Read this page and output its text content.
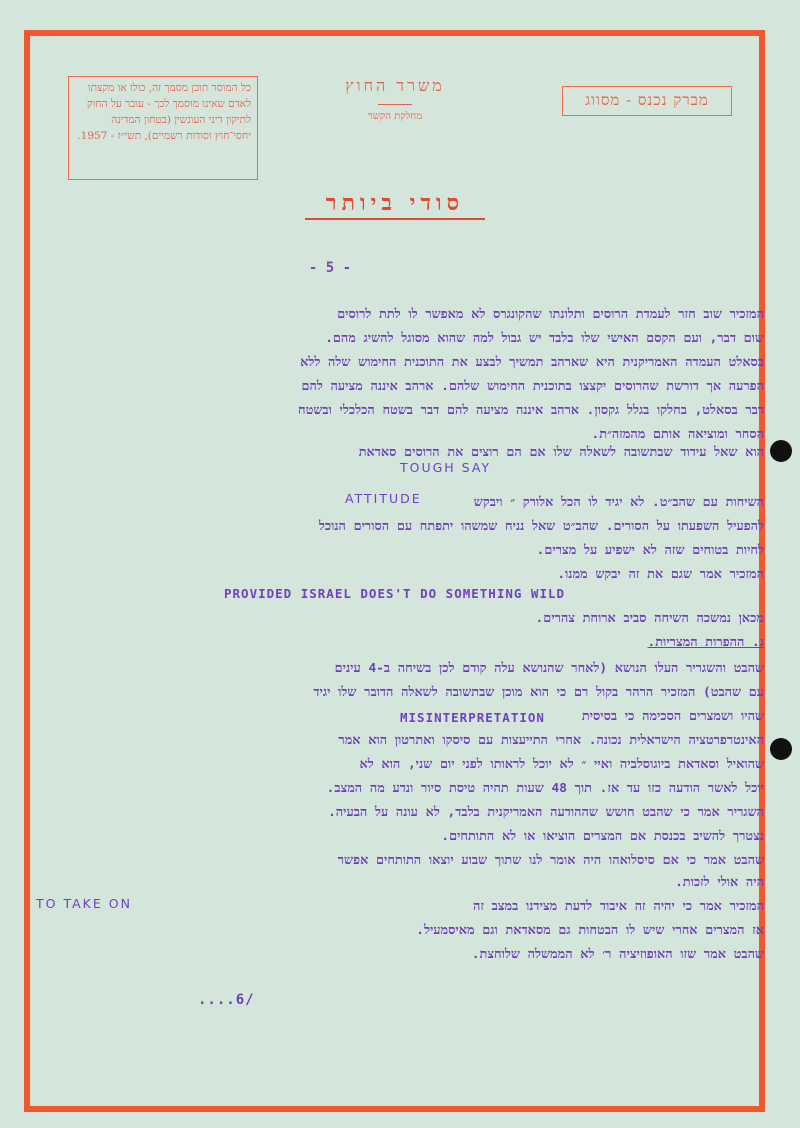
כל המוסר תוכן מסמך זה, כולו או מקצתו לאדם שאינו מוסמך לכך - עובר על החוק לתיקון דיני העונשין (בטחון המדינה יחסי־חוץ וסודות רשמיים), תשי״ז - 1957.
משרד החוץ
מחלקת הקשר
מברק נכנס - מסווג
סודי ביותר
- 5 -
המזכיר שוב חזר לעמדת הרוסים ותלונתו שהקונגרס לא מאפשר לו לתת לרוסים
שום דבר, ועם הקסם האישי שלו בלבד יש גבול למה שהוא מסוגל להשיג מהם.
בסאלט העמדה האמריקנית היא שארהב תמשיך לבצע את התוכנית החימוש שלה ללא
הפרעה אך דורשת שהרוסים יקצצו בתוכנית החימוש שלהם. ארהב איננה מציעה להם
דבר בסאלט, בחלקו בגלל גקסון. ארהב איננה מציעה להם דבר בשטח הכלכלי ובשטח
הסחר ומוציאה אותם מהמזה״ת.
הוא שאל עידוד שבתשובה לשאלה שלו אם הם רוצים את הרוסים סאדאת
השיחות עם שהב״ט. לא יגיד לו הכל אלורק ״ ויבקש
להפעיל השפעתו על הסורים. שהב״ט שאל נניח שמשהו יתפתח עם הסורים הנוכל
לחיות בטוחים שזה לא ישפיע על מצרים.
המזכיר אמר שגם את זה יבקש ממנו.
מכאן נמשכה השיחה סביב ארוחת צהרים.
ג. ההפרות המצריות.
שהבט והשגריר העלו הנושא (לאחר שהנושא עלה קודם לכן בשיחה ב-4 עינים
עם שהבט) המזכיר הרהר בקול רם כי הוא מוכן שבתשובה לשאלה הדובר שלו יגיד
שהיו ושמצרים הסכימה כי בסיסית
האינטרפרטציה הישראלית נכונה. אחרי התייעצות עם סיסקו ואתרטון הוא אמר
שהואיל וסאדאת ביוגוסלביה ואיי ״ לא יוכל לראותו לפני יום שני, הוא לא
יוכל לאשר הודעה כזו עד אז. תוך 48 שעות תהיה טיסת סיור ונדע מה המצב.
השגריר אמר כי שהבט חושש שההודעה האמריקנית בלבד, לא עונה על הבעיה.
נצטרך להשיב בכנסת אם המצרים הוציאו או לא התותחים.
שהבט אמר כי אם סיסלואהו היה אומר לנו שתוך שבוע יוצאו התותחים אפשר
היה אולי לזכות.
המזכיר אמר כי יהיה זה איבוד לדעת מצידנו במצב זה
אז המצרים אחרי שיש לו הבטחות גם מסאדאת וגם מאיסמעיל.
שהבט אמר שזו האופוזיציה ר׳ לא הממשלה שלוחצת.
TOUGH SAY
ATTITUDE
PROVIDED ISRAEL DOES'T DO SOMETHING WILD
MISINTERPRETATION
TO TAKE ON
....6/
